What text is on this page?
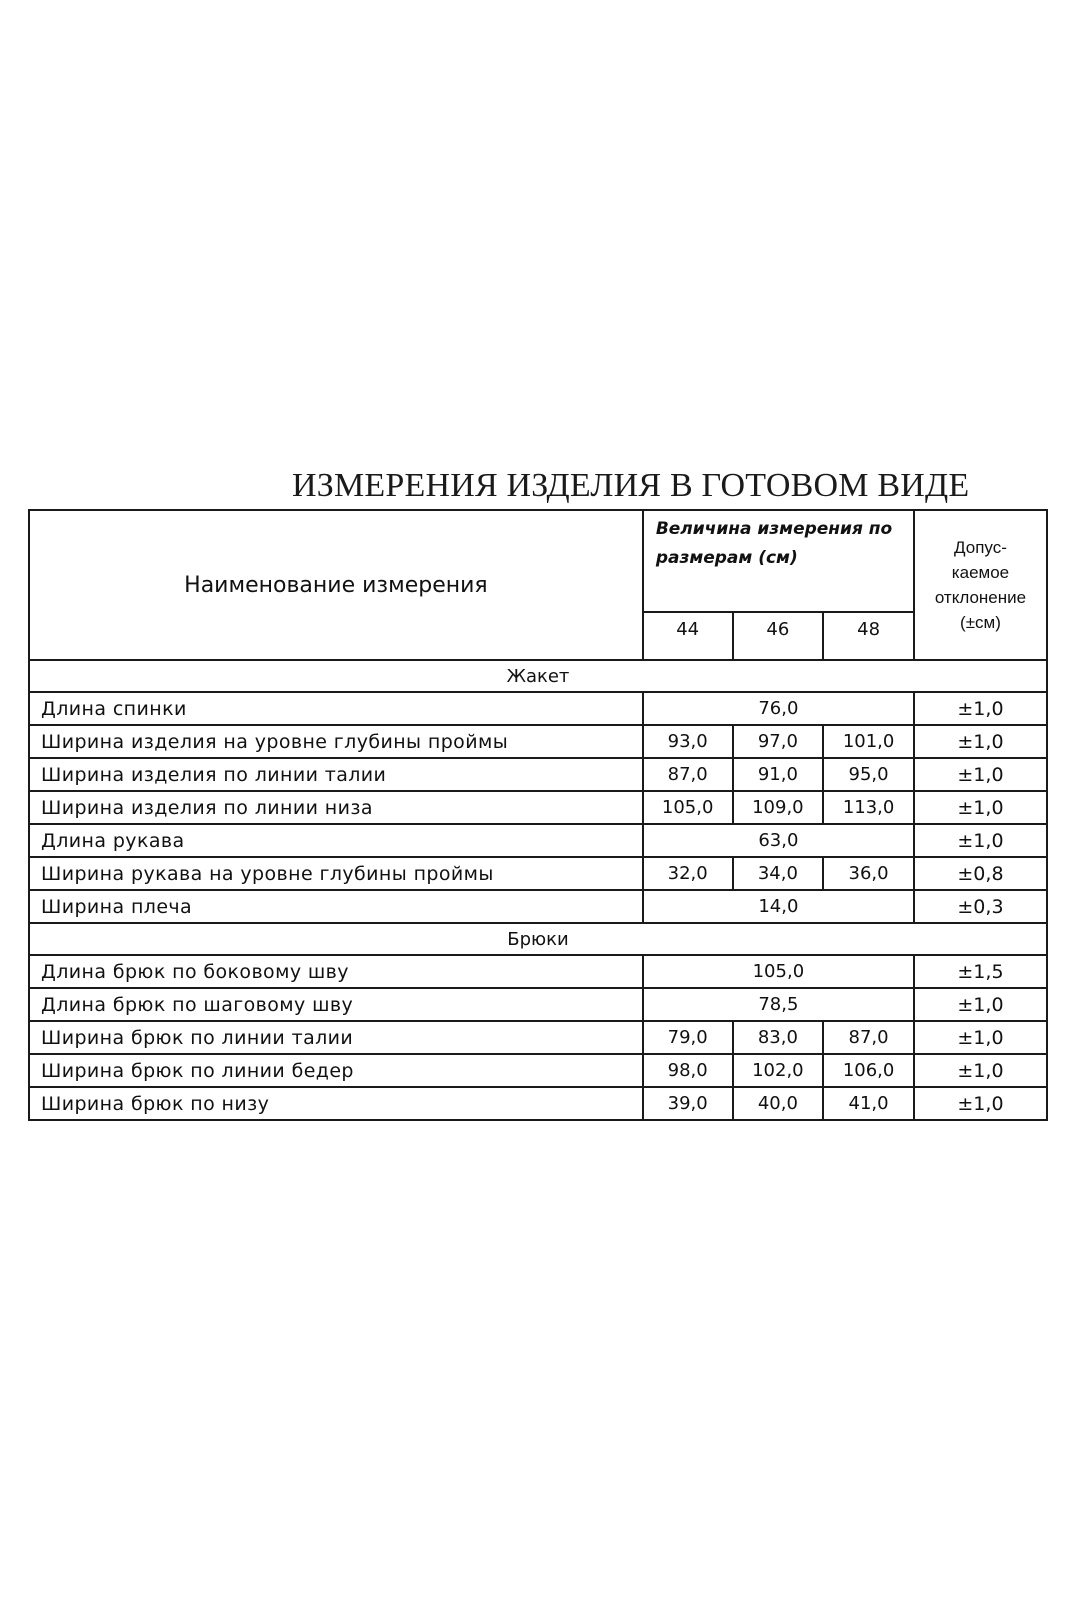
ИЗМЕРЕНИЯ ИЗДЕЛИЯ В ГОТОВОМ ВИДЕ
Наименование измерения	Величина измерения по размерам (см)			Допус-
каемое
отклонение
(±см)

	44	46	48	
Жакет				
Длина спинки	76,0			±1,0
Ширина изделия на уровне глубины проймы	93,0	97,0	101,0	±1,0
Ширина изделия по линии талии	87,0	91,0	95,0	±1,0
Ширина изделия по линии низа	105,0	109,0	113,0	±1,0
Длина рукава	63,0			±1,0
Ширина рукава на уровне глубины проймы	32,0	34,0	36,0	±0,8
Ширина плеча	14,0			±0,3
Брюки				
Длина брюк по боковому шву	105,0			±1,5
Длина брюк по шаговому шву	78,5			±1,0
Ширина брюк по линии талии	79,0	83,0	87,0	±1,0
Ширина брюк по линии бедер	98,0	102,0	106,0	±1,0
Ширина брюк по низу	39,0	40,0	41,0	±1,0
